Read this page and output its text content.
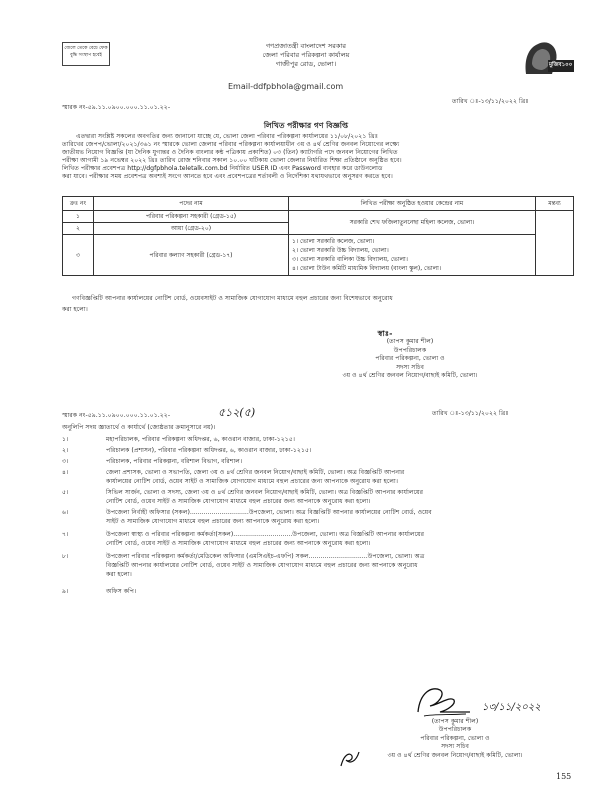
জেলে তেকে বেচে ফেক
বুদ্ধি সংস্থাপ হবেই
গণপ্রজাতন্ত্রী বাংলাদেশ সরকার
জেলা পরিবার পরিকল্পনা কার্যালয়
গাজীপুর রোড, ভোলা।
Email-ddfpbhola@gmail.com
মুজিব১০০
স্মারক নং-৫৯.১১.০৯০০.০০০.১১.০১.২২-
তারিখ ঃ-১৩/১১/২০২২ খ্রিঃ
লিখিত পরীক্ষার গণ বিজ্ঞপ্তি
এতদ্বারা সংশ্লিষ্ট সকলের অবগতির জন্য জানানো যাচ্ছে যে, ভোলা জেলা পরিবার পরিকল্পনা কার্যালয়ের ১১/০৮/২০২১ খ্রিঃ
তারিখের জেপপ/ভোলা/২০২১/৩৬১ নং স্মারকে ভোলা জেলার পরিবার পরিকল্পনা কার্যালয়াধীন ৩য় ও ৪র্থ শ্রেণির জনবল নিয়োগের লক্ষ্যে
জাতীয়ভ নিয়োগ বিজ্ঞপ্তি (যা দৈনিক যুগান্তর ও দৈনিক বাংলার কন্ঠ পত্রিকায় প্রকাশিত) ০৩ (তিন) ক্যাটাগরি পদে জনবল নিয়োগের লিখিত
পরীক্ষা আগামী ১৯ নভেম্বর ২০২২ খ্রিঃ তারিখ রোজ শনিবার সকাল ১০.০০ ঘটিকায় ভোলা জেলার নির্ধারিত শিক্ষা প্রতিষ্ঠানে অনুষ্ঠিত হবে।
লিখিত পরীক্ষার প্রবেশপত্র http://dgfpbhola.teletalk.com.bd নির্ধারিত USER ID এবং Password ব্যবহার করে ডাউনলোড
করা যাবে। পরীক্ষার সময় প্রবেশপত্র অবশ্যই সংগে আনতে হবে এবং প্রবেশপত্রের শর্তাবলী ও নির্দেশিকা যথাযথভাবে অনুসরণ করতে হবে।
ক্রঃ নং	পদের নাম	লিখিত পরীক্ষা অনুষ্ঠিত হওয়ার কেন্দ্রের নাম	মন্তব্য
১	পরিবার পরিকল্পনা সহকারী (গ্রেড-১৫)	সরকারি শেখ ফজিলাতুননেছা মহিলা কলেজ, ভোলা।	
২	আয়া (গ্রেড-২০)		
৩	পরিবার কল্যাণ সহকারী (গ্রেড-১৭)	১। ভোলা সরকারি কলেজ, ভোলা।
২। ভোলা সরকারি উচ্চ বিদ্যালয়, ভোলা।
৩। ভোলা সরকারি বালিকা উচ্চ বিদ্যালয়, ভোলা।
৪। ভোলা টাউন কমিটি মাধ্যমিক বিদ্যালয় (বাংলা স্কুল), ভোলা।	
গণবিজ্ঞপ্তিটি আপনার কার্যালয়ের নোটিশ বোর্ড, ওয়েবসাইট ও সামাজিক যোগাযোগ মাধ্যমে বহুল প্রচারের জন্য বিশেষভাবে অনুরোধ
করা হলো।
স্বাঃ-
(তাপস কুমার শীল)
উপপরিচালক
পরিবার পরিকল্পনা, ভোলা ও
সদস্য সচিব
৩য় ও ৪র্থ শ্রেণির জনবল নিয়োগ/বাছাই কমিটি, ভোলা।
স্মারক নং-৫৯.১১.০৯০০.০০০.১১.০১.২২-	৫১২(৫)	তারিখ ঃ-১৩/১১/২০২২ খ্রিঃ
অনুলিপি সদয় জ্ঞাতার্থে ও কার্যার্থে (জ্যেষ্ঠতার ক্রমানুসারে নয়)।
১।	মহাপরিচালক, পরিবার পরিকল্পনা অধিদপ্তর, ৬, কাওরান বাজার, ঢাকা-১২১৫।
২।	পরিচালক (প্রশাসন), পরিবার পরিকল্পনা অধিদপ্তর, ৬, কাওরান বাজার, ঢাকা-১২১৫।
৩।	পরিচালক, পরিবার পরিকল্পনা, বরিশাল বিভাগ, বরিশাল।
৪।	জেলা প্রশাসক, ভোলা ও সভাপতি, জেলা ৩য় ও ৪র্থ শ্রেণির জনবল নিয়োগ/বাছাই কমিটি, ভোলা। অত্র বিজ্ঞপ্তিটি আপনার
কার্যালয়ের নোটিশ বোর্ড, ওয়েব সাইট ও সামাজিক যোগাযোগ মাধ্যমে বহুল প্রচারের জন্য আপনাকে অনুরোধ করা হলো।
৫।	সিভিল সার্জন, ভোলা ও সদস্য, জেলা ৩য় ও ৪র্থ শ্রেণির জনবল নিয়োগ/বাছাই কমিটি, ভোলা। অত্র বিজ্ঞপ্তিটি আপনার কার্যালয়ের
নোটিশ বোর্ড, ওয়েব সাইট ও সামাজিক যোগাযোগ মাধ্যমে বহুল প্রচারের জন্য আপনাকে অনুরোধ করা হলো।
৬।	উপজেলা নির্বাহী অফিসার (সকল)..............................উপজেলা, ভোলা। অত্র বিজ্ঞপ্তিটি আপনার কার্যালয়ের নোটিশ বোর্ড, ওয়েব
সাইট ও সামাজিক যোগাযোগ মাধ্যমে বহুল প্রচারের জন্য আপনাকে অনুরোধ করা হলো।
৭।	উপজেলা স্বাস্থ্য ও পরিবার পরিকল্পনা কর্মকর্তা(সকল)..............................উপজেলা, ভোলা। অত্র বিজ্ঞপ্তিটি আপনার কার্যালয়ের
নোটিশ বোর্ড, ওয়েব সাইট ও সামাজিক যোগাযোগ মাধ্যমে বহুল প্রচারের জন্য আপনাকে অনুরোধ করা হলো।
৮।	উপজেলা পরিবার পরিকল্পনা কর্মকর্তা/মেডিকেল অফিসার (এমসিএইচ-এফপি) সকল..............................উপজেলা, ভোলা। অত্র
বিজ্ঞপ্তিটি আপনার কার্যালয়ের নোটিশ বোর্ড, ওয়েব সাইট ও সামাজিক যোগাযোগ মাধ্যমে বহুল প্রচারের জন্য আপনাকে অনুরোধ
করা হলো।
৯।	অফিস কপি।
১৩/১১/২০২২
(তাপস কুমার শীল)
উপপরিচালক
পরিবার পরিকল্পনা, ভোলা ও
সদস্য সচিব
৩য় ও ৪র্থ শ্রেণির জনবল নিয়োগ/বাছাই কমিটি, ভোলা।
155
